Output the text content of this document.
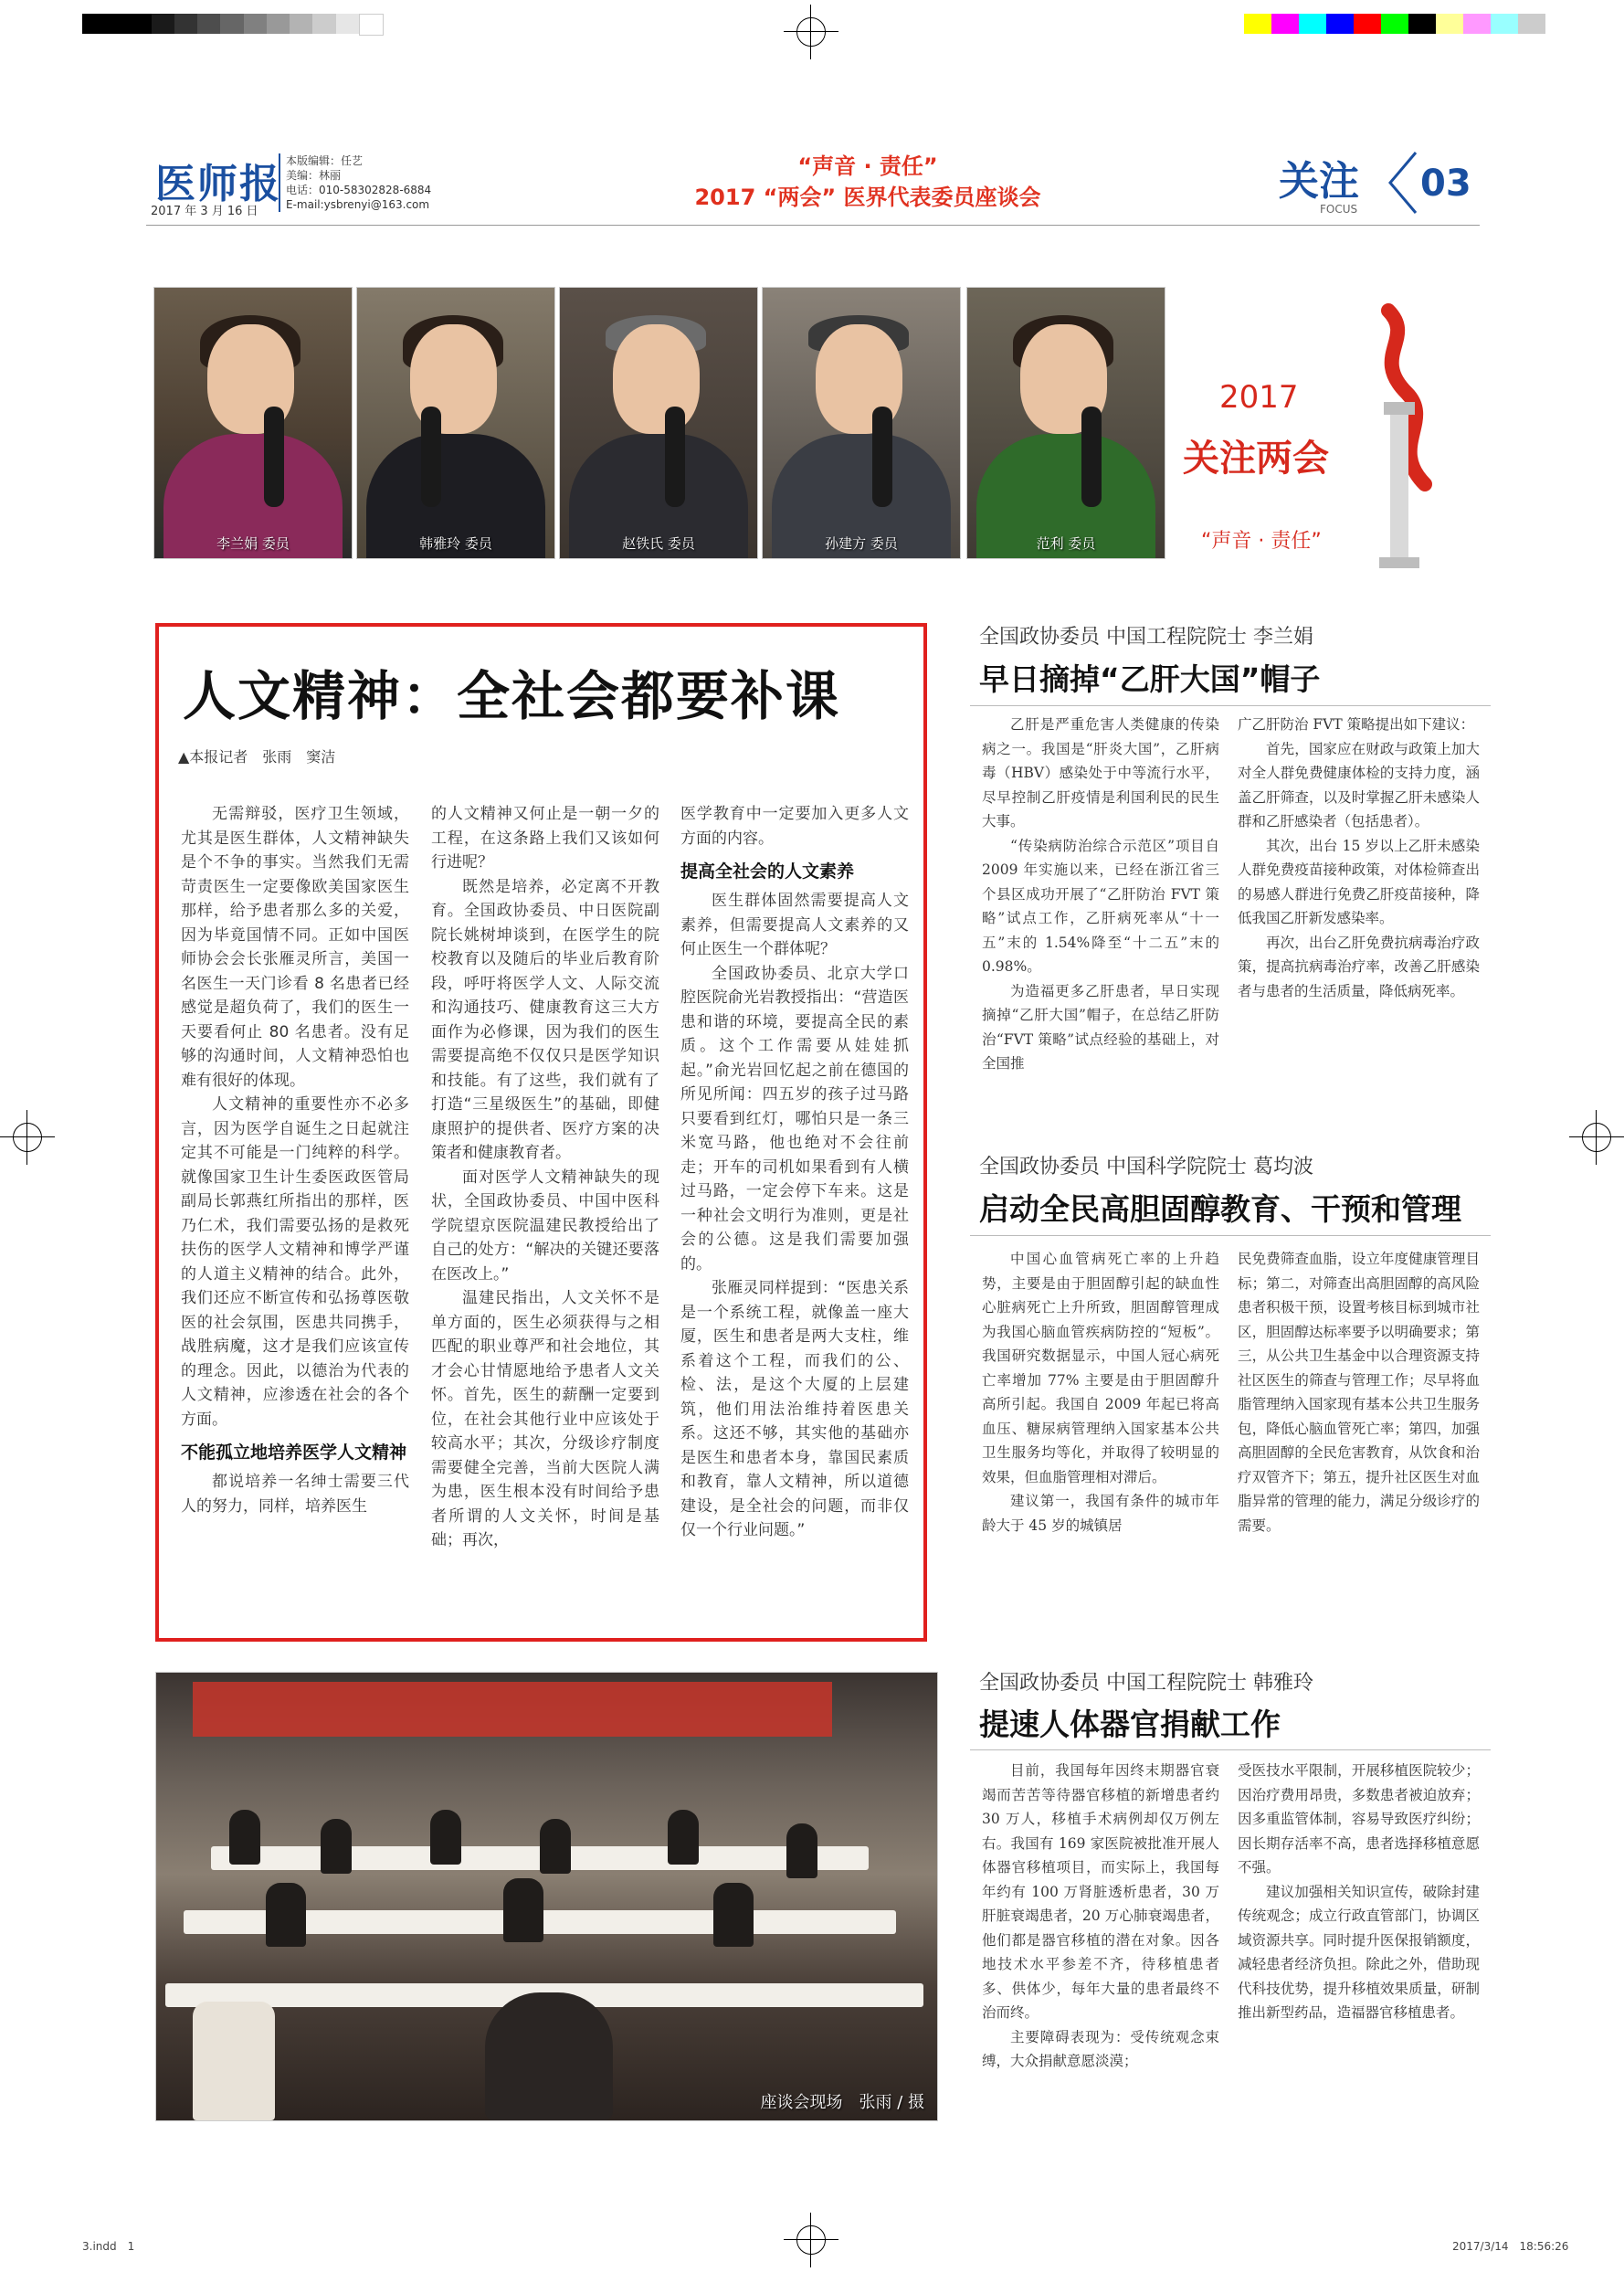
医师报
2017 年 3 月 16 日
本版编辑：任艺
美编：林丽
电话：010-58302828-6884
E-mail:ysbrenyi@163.com
“声音 · 责任”
2017 “两会” 医界代表委员座谈会	关注
FOCUS
03
李兰娟 委员	韩雅玲 委员	赵铁氏 委员	孙建方 委员	范利 委员
2017
关注两会
“声音 · 责任”
人文精神：全社会都要补课
▲本报记者　张雨　窦洁

无需辩驳，医疗卫生领域，尤其是医生群体，人文精神缺失是个不争的事实。当然我们无需苛责医生一定要像欧美国家医生那样，给予患者那么多的关爱，因为毕竟国情不同。正如中国医师协会会长张雁灵所言，美国一名医生一天门诊看 8 名患者已经感觉是超负荷了，我们的医生一天要看何止 80 名患者。没有足够的沟通时间，人文精神恐怕也难有很好的体现。

人文精神的重要性亦不必多言，因为医学自诞生之日起就注定其不可能是一门纯粹的科学。就像国家卫生计生委医政医管局副局长郭燕红所指出的那样，医乃仁术，我们需要弘扬的是救死扶伤的医学人文精神和博学严谨的人道主义精神的结合。此外，我们还应不断宣传和弘扬尊医敬医的社会氛围，医患共同携手，战胜病魔，这才是我们应该宣传的理念。因此，以德治为代表的人文精神，应渗透在社会的各个方面。

不能孤立地培养医学人文精神

都说培养一名绅士需要三代人的努力，同样，培养医生

的人文精神又何止是一朝一夕的工程，在这条路上我们又该如何行进呢？

既然是培养，必定离不开教育。全国政协委员、中日医院副院长姚树坤谈到，在医学生的院校教育以及随后的毕业后教育阶段，呼吁将医学人文、人际交流和沟通技巧、健康教育这三大方面作为必修课，因为我们的医生需要提高绝不仅仅只是医学知识和技能。有了这些，我们就有了打造“三星级医生”的基础，即健康照护的提供者、医疗方案的决策者和健康教育者。

面对医学人文精神缺失的现状，全国政协委员、中国中医科学院望京医院温建民教授给出了自己的处方：“解决的关键还要落在医改上。”

温建民指出，人文关怀不是单方面的，医生必须获得与之相匹配的职业尊严和社会地位，其才会心甘情愿地给予患者人文关怀。首先，医生的薪酬一定要到位，在社会其他行业中应该处于较高水平；其次，分级诊疗制度需要健全完善，当前大医院人满为患，医生根本没有时间给予患者所谓的人文关怀，时间是基础；再次，

医学教育中一定要加入更多人文方面的内容。

提高全社会的人文素养

医生群体固然需要提高人文素养，但需要提高人文素养的又何止医生一个群体呢？

全国政协委员、北京大学口腔医院俞光岩教授指出：“营造医患和谐的环境，要提高全民的素质。这个工作需要从娃娃抓起。”俞光岩回忆起之前在德国的所见所闻：四五岁的孩子过马路只要看到红灯，哪怕只是一条三米宽马路，他也绝对不会往前走；开车的司机如果看到有人横过马路，一定会停下车来。这是一种社会文明行为准则，更是社会的公德。这是我们需要加强的。

张雁灵同样提到：“医患关系是一个系统工程，就像盖一座大厦，医生和患者是两大支柱，维系着这个工程，而我们的公、检、法，是这个大厦的上层建筑，他们用法治维持着医患关系。这还不够，其实他的基础亦是医生和患者本身，靠国民素质和教育，靠人文精神，所以道德建设，是全社会的问题，而非仅仅一个行业问题。”

全国政协委员 中国工程院院士 李兰娟
早日摘掉“乙肝大国”帽子

乙肝是严重危害人类健康的传染病之一。我国是“肝炎大国”，乙肝病毒（HBV）感染处于中等流行水平，尽早控制乙肝疫情是利国利民的民生大事。

“传染病防治综合示范区”项目自 2009 年实施以来，已经在浙江省三个县区成功开展了“乙肝防治 FVT 策略”试点工作，乙肝病死率从“十一五”末的 1.54%降至“十二五”末的 0.98%。

为造福更多乙肝患者，早日实现摘掉“乙肝大国”帽子，在总结乙肝防治“FVT 策略”试点经验的基础上，对全国推

广乙肝防治 FVT 策略提出如下建议：

首先，国家应在财政与政策上加大对全人群免费健康体检的支持力度，涵盖乙肝筛查，以及时掌握乙肝未感染人群和乙肝感染者（包括患者）。

其次，出台 15 岁以上乙肝未感染人群免费疫苗接种政策，对体检筛查出的易感人群进行免费乙肝疫苗接种，降低我国乙肝新发感染率。

再次，出台乙肝免费抗病毒治疗政策，提高抗病毒治疗率，改善乙肝感染者与患者的生活质量，降低病死率。

全国政协委员 中国科学院院士 葛均波
启动全民高胆固醇教育、干预和管理

中国心血管病死亡率的上升趋势，主要是由于胆固醇引起的缺血性心脏病死亡上升所致，胆固醇管理成为我国心脑血管疾病防控的“短板”。我国研究数据显示，中国人冠心病死亡率增加 77% 主要是由于胆固醇升高所引起。我国自 2009 年起已将高血压、糖尿病管理纳入国家基本公共卫生服务均等化，并取得了较明显的效果，但血脂管理相对滞后。

建议第一，我国有条件的城市年龄大于 45 岁的城镇居

民免费筛查血脂，设立年度健康管理目标；第二，对筛查出高胆固醇的高风险患者积极干预，设置考核目标到城市社区，胆固醇达标率要予以明确要求；第三，从公共卫生基金中以合理资源支持社区医生的筛查与管理工作；尽早将血脂管理纳入国家现有基本公共卫生服务包，降低心脑血管死亡率；第四，加强高胆固醇的全民危害教育，从饮食和治疗双管齐下；第五，提升社区医生对血脂异常的管理的能力，满足分级诊疗的需要。

全国政协委员 中国工程院院士 韩雅玲
提速人体器官捐献工作

目前，我国每年因终末期器官衰竭而苦苦等待器官移植的新增患者约 30 万人，移植手术病例却仅万例左右。我国有 169 家医院被批准开展人体器官移植项目，而实际上，我国每年约有 100 万肾脏透析患者，30 万肝脏衰竭患者，20 万心肺衰竭患者，他们都是器官移植的潜在对象。因各地技术水平参差不齐，待移植患者多、供体少，每年大量的患者最终不治而终。

主要障碍表现为：受传统观念束缚，大众捐献意愿淡漠；

受医技水平限制，开展移植医院较少；因治疗费用昂贵，多数患者被迫放弃；因多重监管体制，容易导致医疗纠纷；因长期存活率不高，患者选择移植意愿不强。

建议加强相关知识宣传，破除封建传统观念；成立行政直管部门，协调区域资源共享。同时提升医保报销额度，减轻患者经济负担。除此之外，借助现代科技优势，提升移植效果质量，研制推出新型药品，造福器官移植患者。

座谈会现场　张雨 / 摄
3.indd　1	2017/3/14　18:56:26
